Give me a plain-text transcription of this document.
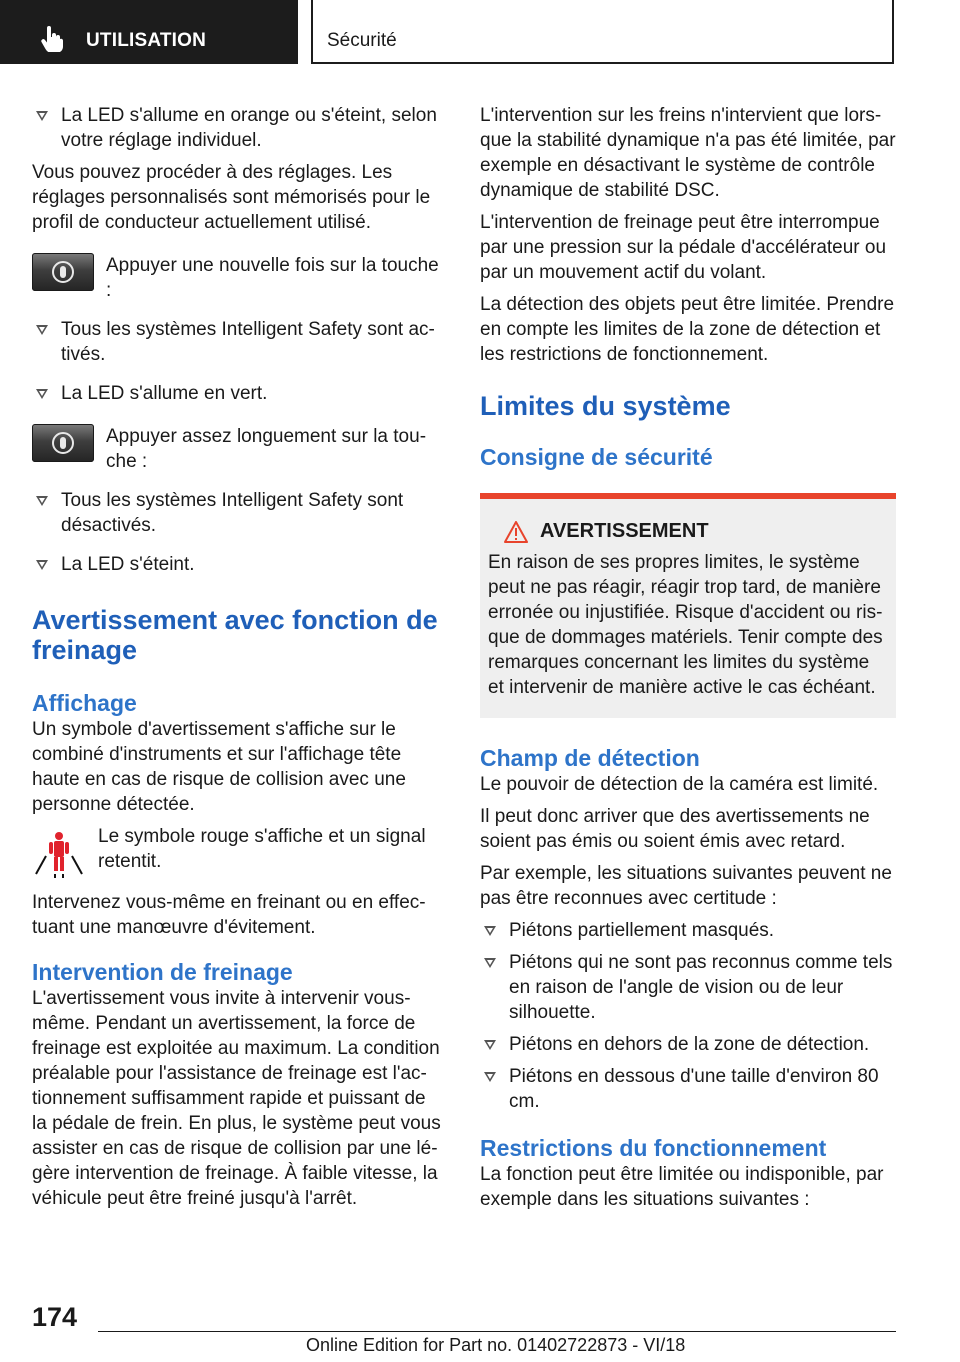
UTILISATION	Sécurité
La LED s'allume en orange ou s'éteint, selon votre réglage individuel.

Vous pouvez procéder à des réglages. Les réglages personnalisés sont mémorisés pour le profil de conducteur actuellement utilisé.

Appuyer une nouvelle fois sur la touche :
Tous les systèmes Intelligent Safety sont activés.
La LED s'allume en vert.
Appuyer assez longuement sur la touche :
Tous les systèmes Intelligent Safety sont désactivés.
La LED s'éteint.
Avertissement avec fonction de freinage
Affichage

Un symbole d'avertissement s'affiche sur le combiné d'instruments et sur l'affichage tête haute en cas de risque de collision avec une personne détectée.

Le symbole rouge s'affiche et un signal retentit.

Intervenez vous-même en freinant ou en effectuant une manœuvre d'évitement.

Intervention de freinage

L'avertissement vous invite à intervenir vous-même. Pendant un avertissement, la force de freinage est exploitée au maximum. La condition préalable pour l'assistance de freinage est l'actionnement suffisamment rapide et puissant de la pédale de frein. En plus, le système peut vous assister en cas de risque de collision par une légère intervention de freinage. À faible vitesse, la véhicule peut être freiné jusqu'à l'arrêt.

L'intervention sur les freins n'intervient que lorsque la stabilité dynamique n'a pas été limitée, par exemple en désactivant le système de contrôle dynamique de stabilité DSC.

L'intervention de freinage peut être interrompue par une pression sur la pédale d'accélérateur ou par un mouvement actif du volant.

La détection des objets peut être limitée. Prendre en compte les limites de la zone de détection et les restrictions de fonctionnement.

Limites du système
Consigne de sécurité
AVERTISSEMENT

En raison de ses propres limites, le système peut ne pas réagir, réagir trop tard, de manière erronée ou injustifiée. Risque d'accident ou risque de dommages matériels. Tenir compte des remarques concernant les limites du système et intervenir de manière active le cas échéant.

Champ de détection

Le pouvoir de détection de la caméra est limité.

Il peut donc arriver que des avertissements ne soient pas émis ou soient émis avec retard.

Par exemple, les situations suivantes peuvent ne pas être reconnues avec certitude :

Piétons partiellement masqués.
Piétons qui ne sont pas reconnus comme tels en raison de l'angle de vision ou de leur silhouette.
Piétons en dehors de la zone de détection.
Piétons en dessous d'une taille d'environ 80 cm.
Restrictions du fonctionnement

La fonction peut être limitée ou indisponible, par exemple dans les situations suivantes :

174
Online Edition for Part no. 01402722873 - VI/18
